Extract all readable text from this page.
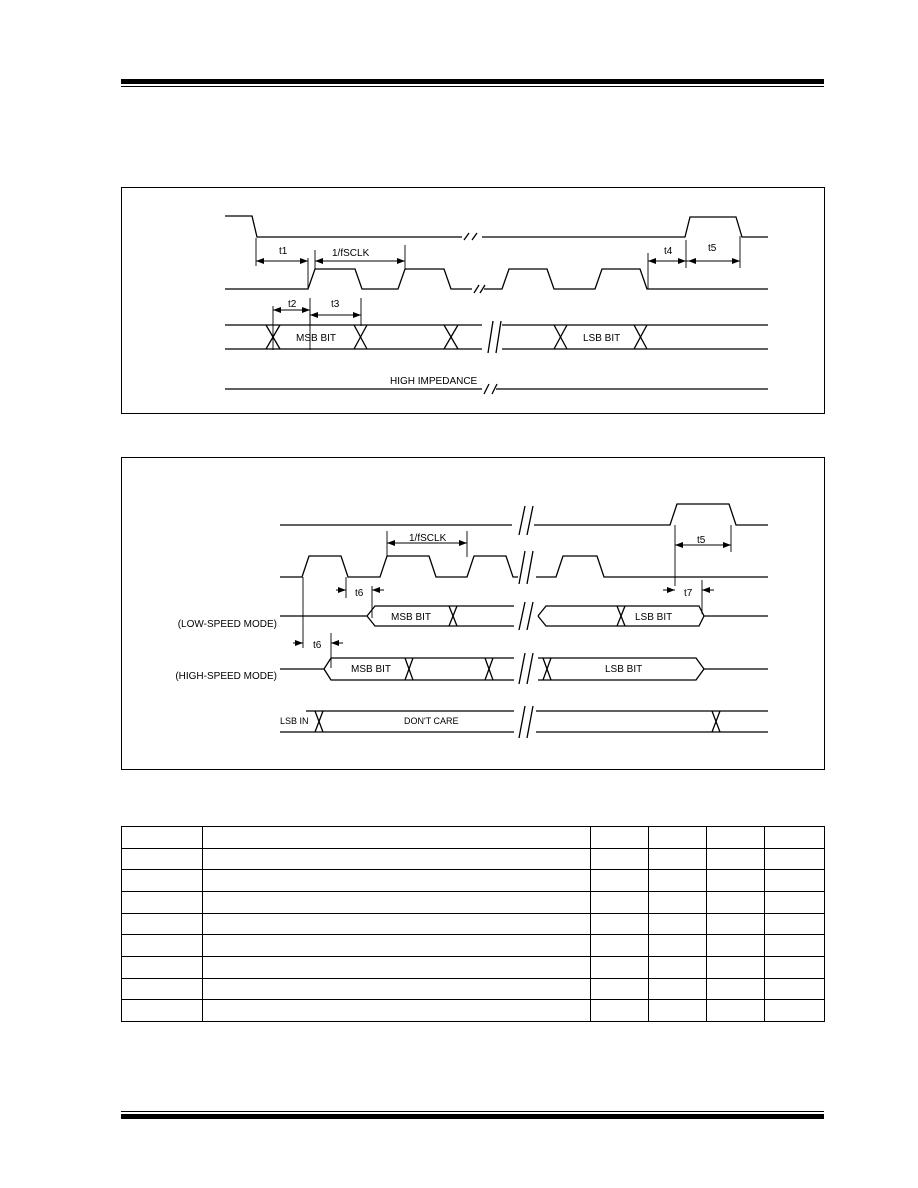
t1	1/fSCLK
t2	t3
t4	t5
MSB BIT	LSB BIT
HIGH IMPEDANCE
1/fSCLK	t5
t6	t7
t6
(LOW-SPEED MODE)
(HIGH-SPEED MODE)
MSB BIT	LSB BIT
MSB BIT	LSB BIT
LSB IN	DON'T CARE
